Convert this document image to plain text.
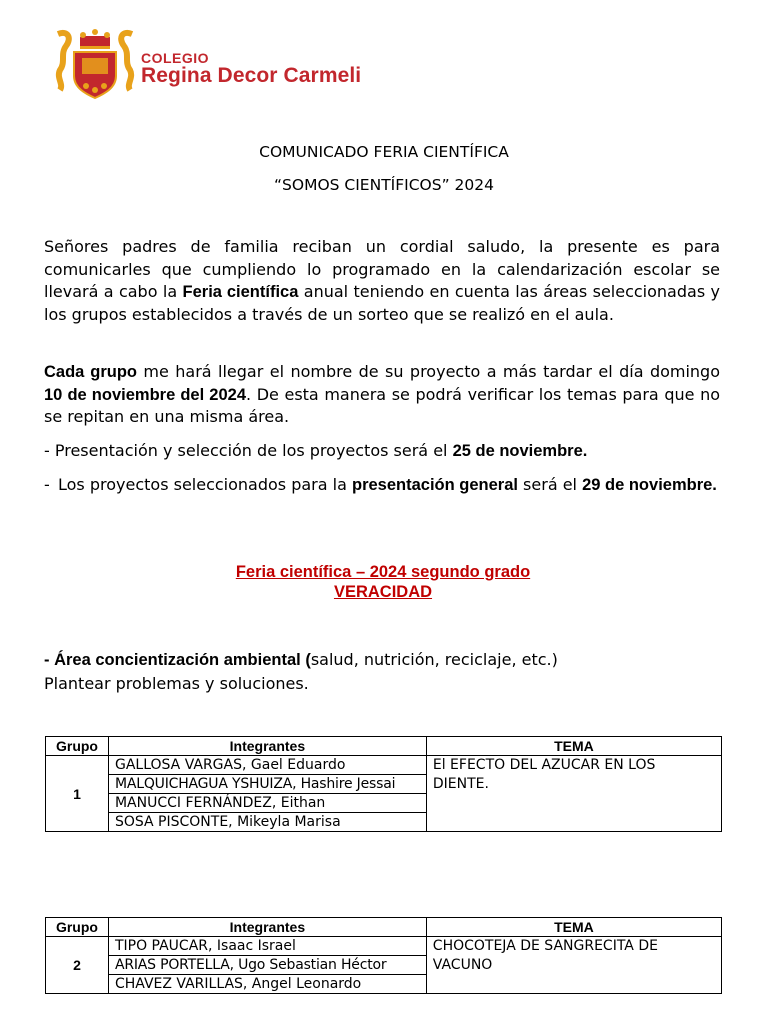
COLEGIO
Regina Decor Carmeli
COMUNICADO FERIA CIENTÍFICA
“SOMOS CIENTÍFICOS” 2024
Señores padres de familia reciban un cordial saludo, la presente es para comunicarles que cumpliendo lo programado en la calendarización escolar se llevará a cabo la Feria científica anual teniendo en cuenta las áreas seleccionadas y los grupos establecidos a través de un sorteo que se realizó en el aula.
Cada grupo me hará llegar el nombre de su proyecto a más tardar el día domingo 10 de noviembre del 2024. De esta manera se podrá verificar los temas para que no se repitan en una misma área.
- Presentación y selección de los proyectos será el 25 de noviembre.
- Los proyectos seleccionados para la presentación general será el 29 de noviembre.
Feria científica – 2024 segundo grado
VERACIDAD
- Área concientización ambiental (salud, nutrición, reciclaje, etc.)
Plantear problemas y soluciones.
Grupo	Integrantes	TEMA
1	GALLOSA VARGAS, Gael Eduardo	El EFECTO DEL AZUCAR EN LOS DIENTE.
	MALQUICHAGUA YSHUIZA, Hashire Jessai	
	MANUCCI FERNÁNDEZ, Eithan	
	SOSA PISCONTE, Mikeyla Marisa	
Grupo	Integrantes	TEMA
2	TIPO PAUCAR, Isaac Israel	CHOCOTEJA DE SANGRECITA DE VACUNO
	ARIAS PORTELLA, Ugo Sebastian Héctor	
	CHAVEZ VARILLAS, Angel Leonardo	
